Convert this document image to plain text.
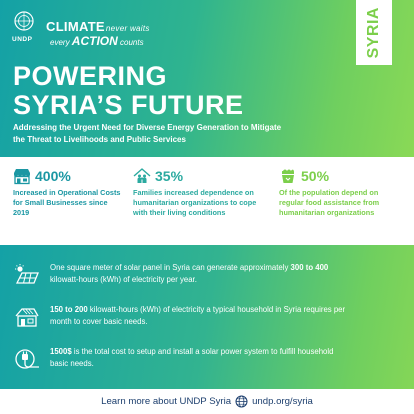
UNDP
CLIMATEnever waits
every ACTION counts	SYRIA
POWERING
SYRIA’S FUTURE
Addressing the Urgent Need for Diverse Energy Generation to Mitigate the Threat to Livelihoods and Public Services
400%
Increased in Operational Costs for Small Businesses since 2019
35%
Families increased dependence on humanitarian organizations to cope with their living conditions
50%
Of the population depend on regular food assistance from humanitarian organizations

One square meter of solar panel in Syria can generate approximately 300 to 400 kilowatt-hours (kWh) of electricity per year.

150 to 200 kilowatt-hours (kWh) of electricity a typical household in Syria requires per month to cover basic needs.

1500$ is the total cost to setup and install a solar power system to fulfill household basic needs.

Learn more about UNDP Syria undp.org/syria
